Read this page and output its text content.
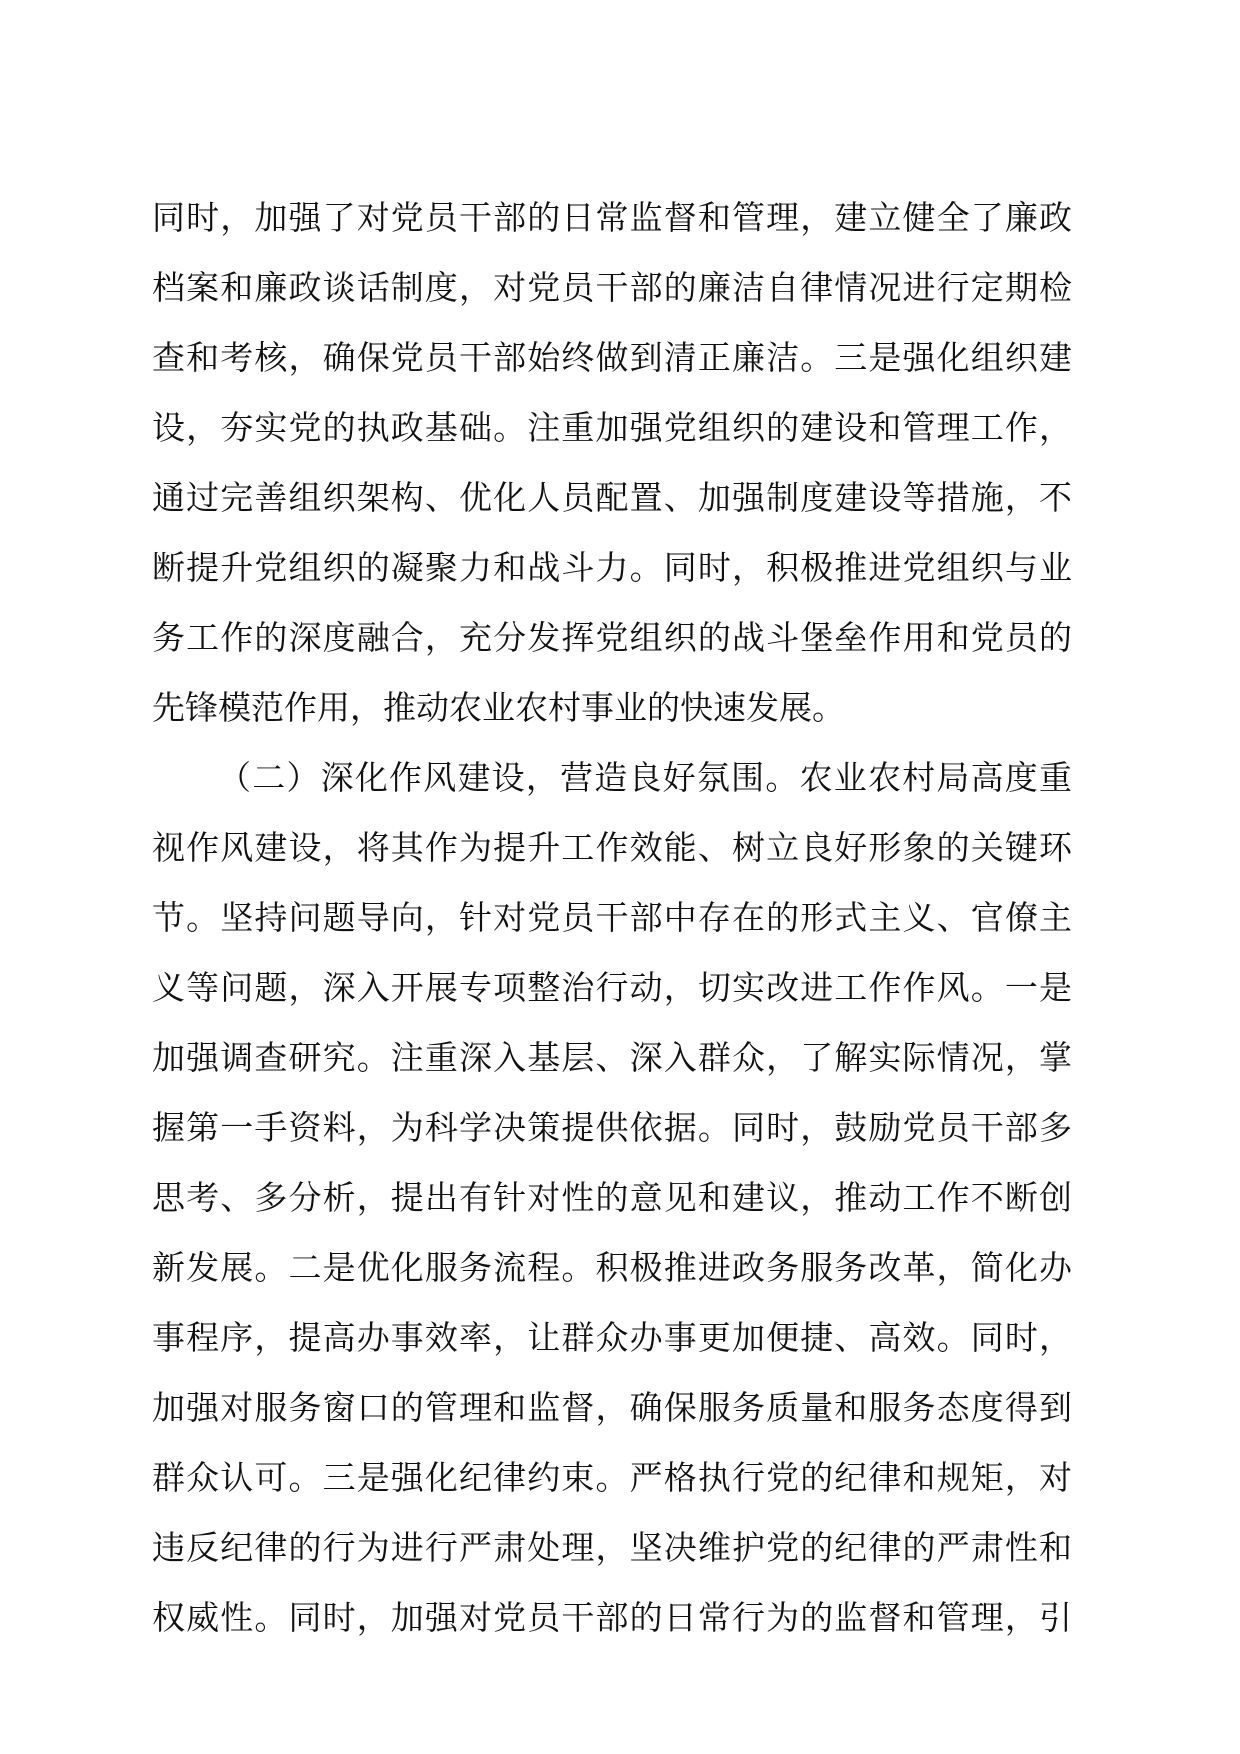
同时，加强了对党员干部的日常监督和管理，建立健全了廉政
档案和廉政谈话制度，对党员干部的廉洁自律情况进行定期检
查和考核，确保党员干部始终做到清正廉洁。三是强化组织建
设，夯实党的执政基础。注重加强党组织的建设和管理工作，
通过完善组织架构、优化人员配置、加强制度建设等措施，不
断提升党组织的凝聚力和战斗力。同时，积极推进党组织与业
务工作的深度融合，充分发挥党组织的战斗堡垒作用和党员的
先锋模范作用，推动农业农村事业的快速发展。
（二）深化作风建设，营造良好氛围。农业农村局高度重
视作风建设，将其作为提升工作效能、树立良好形象的关键环
节。坚持问题导向，针对党员干部中存在的形式主义、官僚主
义等问题，深入开展专项整治行动，切实改进工作作风。一是
加强调查研究。注重深入基层、深入群众，了解实际情况，掌
握第一手资料，为科学决策提供依据。同时，鼓励党员干部多
思考、多分析，提出有针对性的意见和建议，推动工作不断创
新发展。二是优化服务流程。积极推进政务服务改革，简化办
事程序，提高办事效率，让群众办事更加便捷、高效。同时，
加强对服务窗口的管理和监督，确保服务质量和服务态度得到
群众认可。三是强化纪律约束。严格执行党的纪律和规矩，对
违反纪律的行为进行严肃处理，坚决维护党的纪律的严肃性和
权威性。同时，加强对党员干部的日常行为的监督和管理，引
